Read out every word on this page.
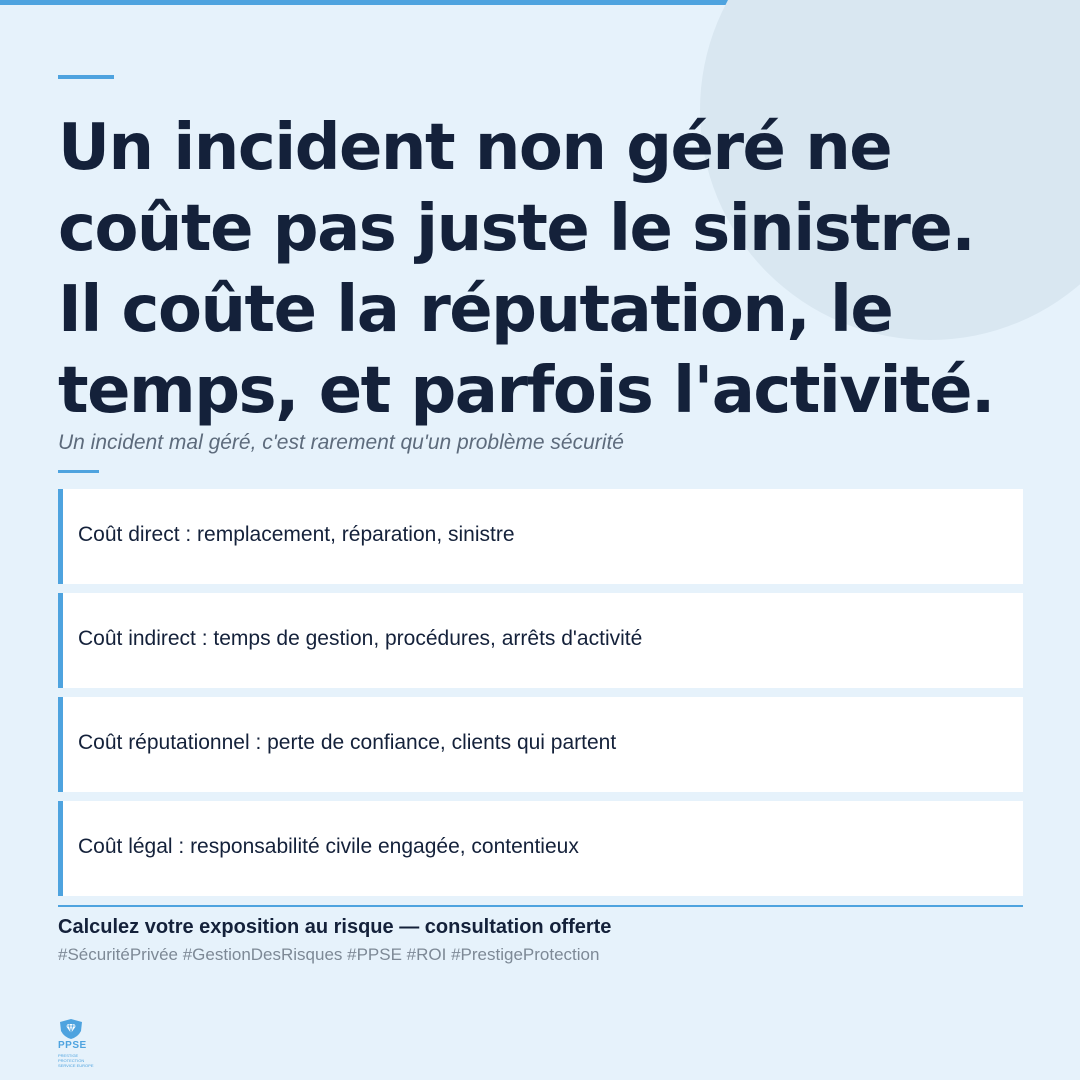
Un incident non géré ne
coûte pas juste le sinistre.
Il coûte la réputation, le
temps, et parfois l'activité.
Un incident mal géré, c'est rarement qu'un problème sécurité
Coût direct : remplacement, réparation, sinistre
Coût indirect : temps de gestion, procédures, arrêts d'activité
Coût réputationnel : perte de confiance, clients qui partent
Coût légal : responsabilité civile engagée, contentieux
Calculez votre exposition au risque — consultation offerte
#SécuritéPrivée #GestionDesRisques #PPSE #ROI #PrestigeProtection
PPSE
PRESTIGE PROTECTION SERVICE EUROPE
